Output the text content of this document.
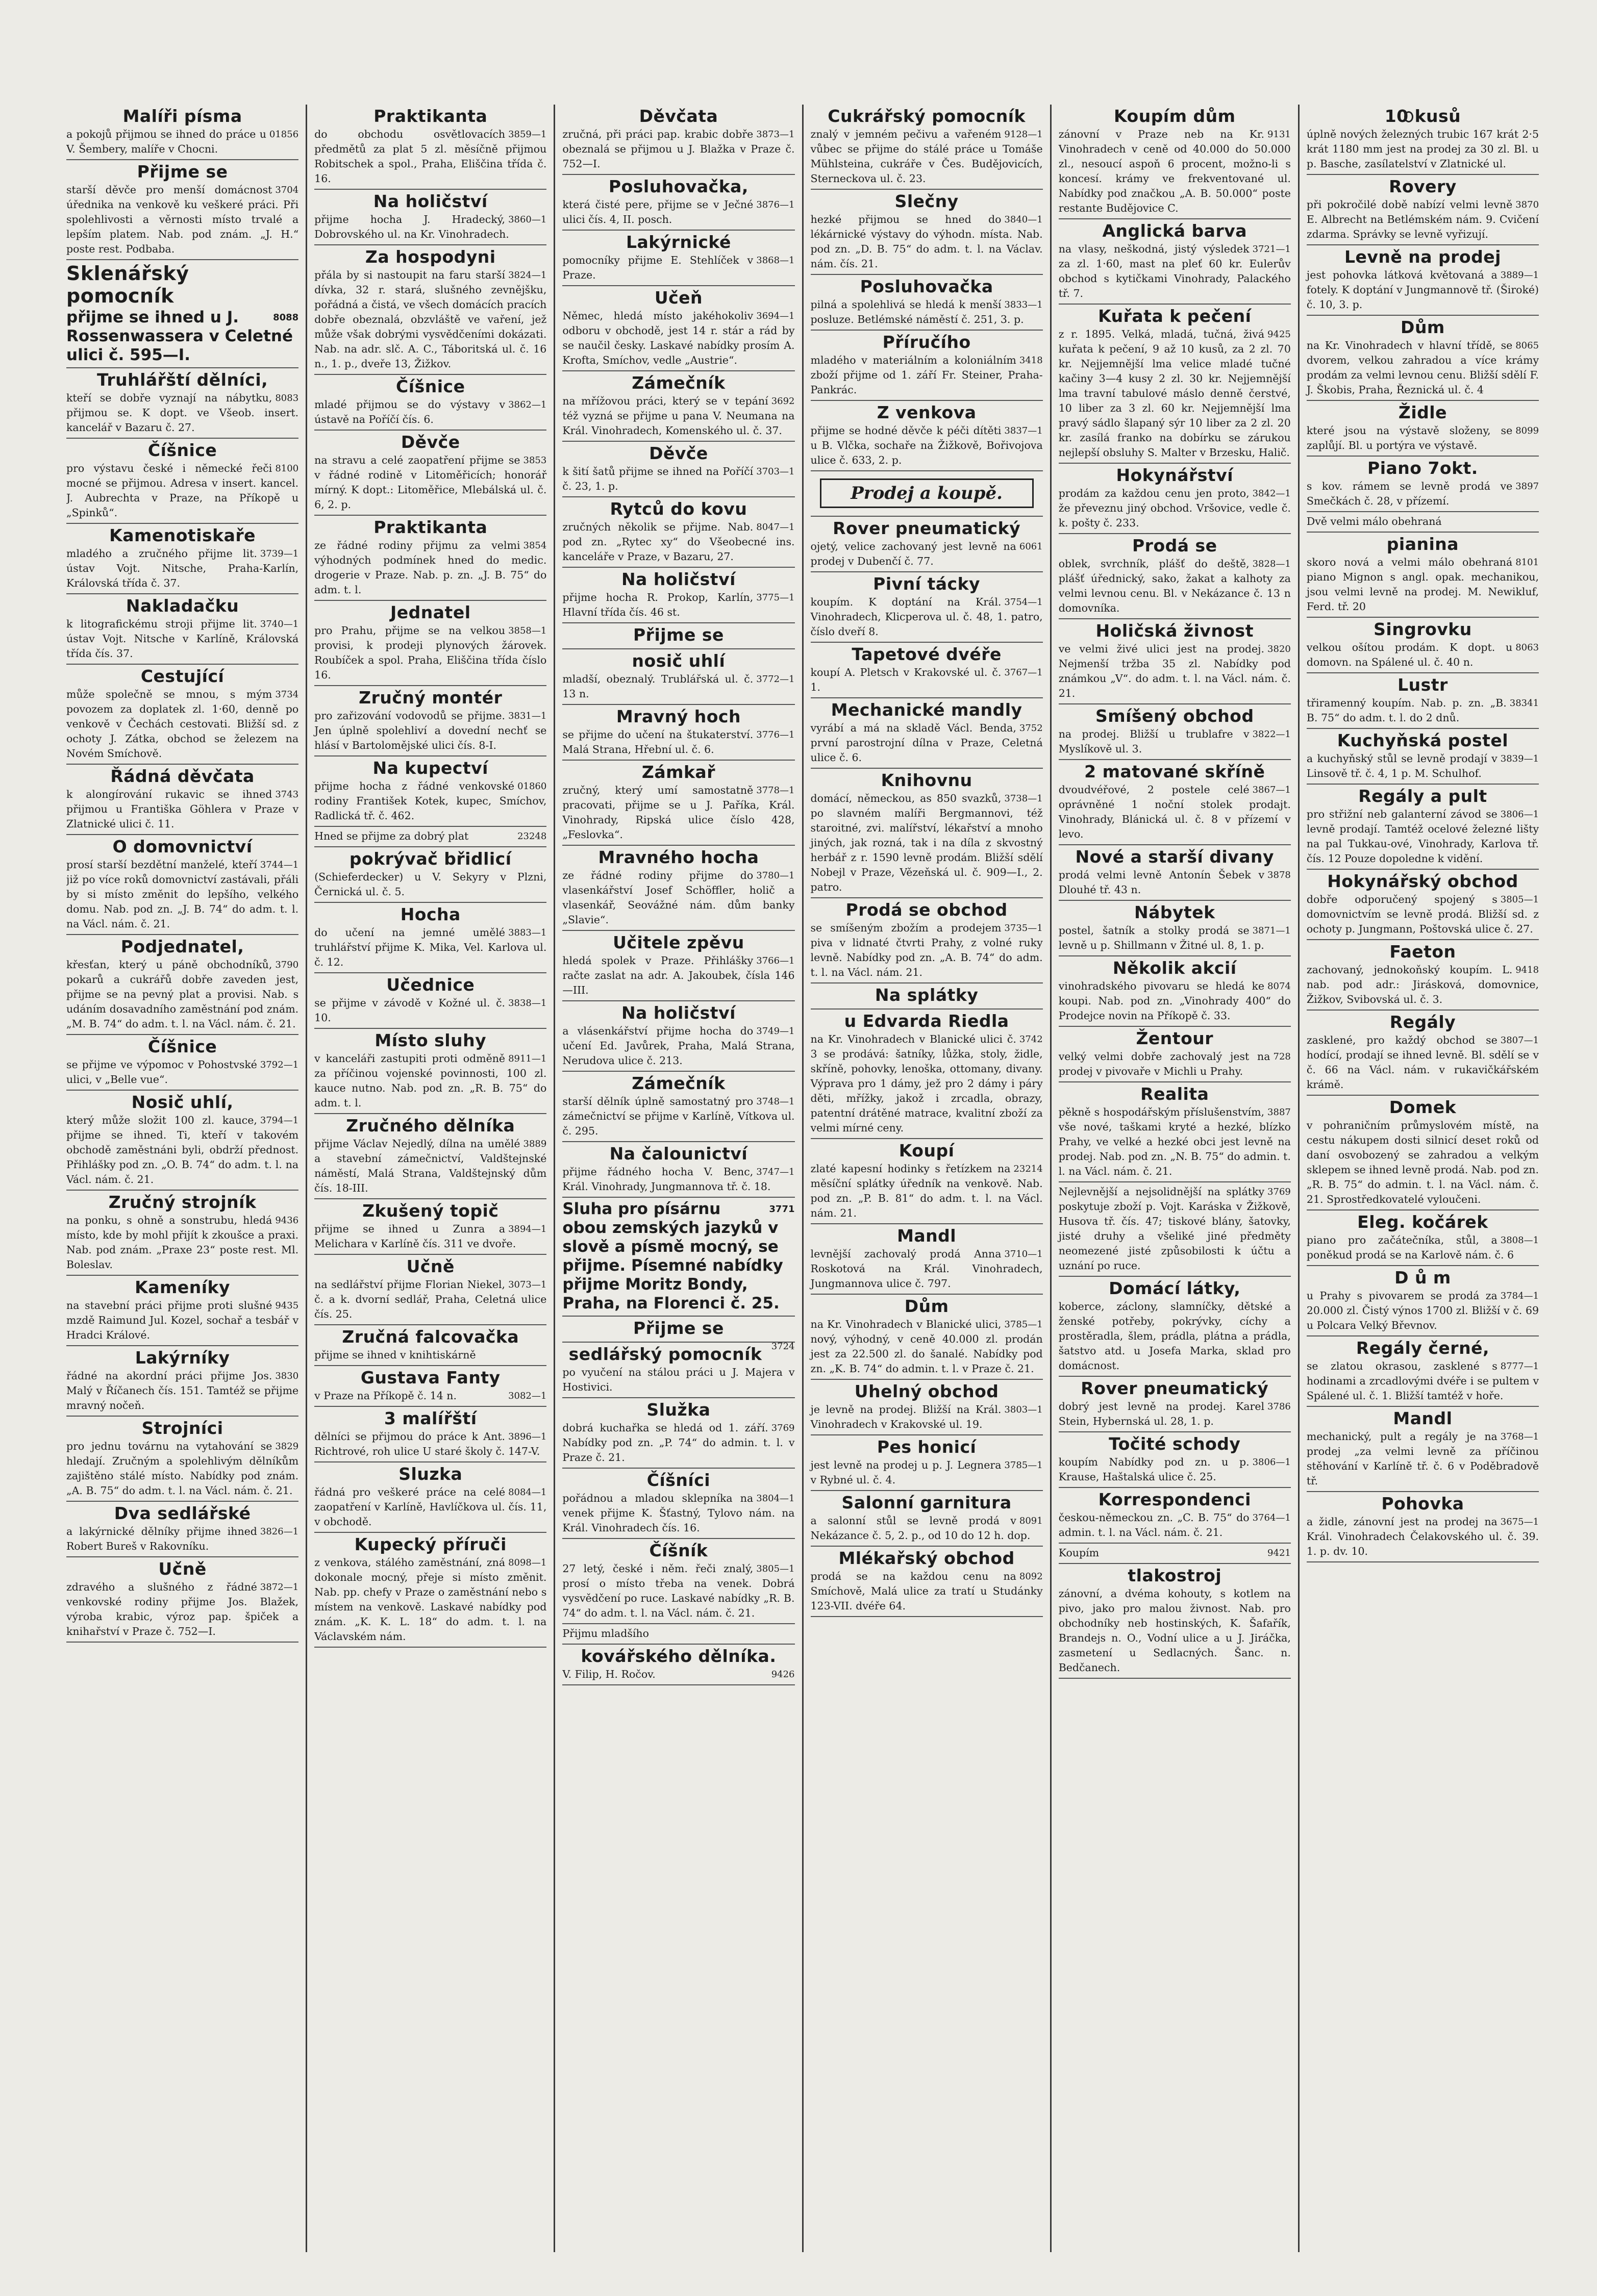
Malíři písma

01856
a pokojů přijmou se ihned do práce u V. Šembery, malíře v Chocni.

Přijme se

3704
starší děvče pro menší domácnost úřednika na venkově ku veškeré práci. Při spolehlivosti a věrnosti místo trvalé a lepším platem. Nab. pod znám. „J. H.“ poste rest. Podbaba.

Sklenářský pomocník

8088
přijme se ihned u J. Rossenwassera v Celetné ulici č. 595—I.

Truhlářští dělníci,

8083
kteří se dobře vyznají na nábytku, přijmou se. K dopt. ve Všeob. insert. kancelář v Bazaru č. 27.

Číšnice

8100
pro výstavu české i německé řeči mocné se přijmou. Adresa v insert. kancel. J. Aubrechta v Praze, na Příkopě u „Spinků“.

Kamenotiskaře

3739—1
mladého a zručného přijme lit. ústav Vojt. Nitsche, Praha-Karlín, Královská třída č. 37.

Nakladačku

3740—1
k litografickému stroji přijme lit. ústav Vojt. Nitsche v Karlíně, Královská třída čís. 37.

Cestující

3734
může společně se mnou, s mým povozem za doplatek zl. 1·60, denně po venkově v Čechách cestovati. Bližší sd. z ochoty J. Zátka, obchod se železem na Novém Smíchově.

Řádná děvčata

3743
k alongírování rukavic se ihned přijmou u Františka Göhlera v Praze v Zlatnické ulici č. 11.

O domovnictví

3744—1
prosí starší bezdětní manželé, kteří již po více roků domovnictví zastávali, přáli by si místo změnit do lepšího, velkého domu. Nab. pod zn. „J. B. 74“ do adm. t. l. na Václ. nám. č. 21.

Podjednatel,

3790
křesťan, který u páně obchodníků, pokarů a cukrářů dobře zaveden jest, přijme se na pevný plat a provisi. Nab. s udáním dosavadního zaměstnání pod znám. „M. B. 74“ do adm. t. l. na Václ. nám. č. 21.

Číšnice

3792—1
se přijme ve výpomoc v Pohostvské ulici, v „Belle vue“.

Nosič uhlí,

3794—1
který může složit 100 zl. kauce, přijme se ihned. Ti, kteří v takovém obchodě zaměstnáni byli, obdrží přednost. Přihlášky pod zn. „O. B. 74“ do adm. t. l. na Václ. nám. č. 21.

Zručný strojník

9436
na ponku, s ohně a sonstrubu, hledá místo, kde by mohl přijít k zkoušce a praxi. Nab. pod znám. „Praxe 23“ poste rest. Ml. Boleslav.

Kameníky

9435
na stavební práci přijme proti slušné mzdě Raimund Jul. Kozel, sochař a tesbář v Hradci Králové.

Lakýrníky

3830
řádné na akordní práci přijme Jos. Malý v Říčanech čís. 151. Tamtéž se přijme mravný nočeň.

Strojníci

3829
pro jednu továrnu na vytahování se hledají. Zručným a spolehlivým dělníkům zajištěno stálé místo. Nabídky pod znám. „A. B. 75“ do adm. t. l. na Václ. nám. č. 21.

Dva sedlářské

3826—1
a lakýrnické dělníky přijme ihned Robert Bureš v Rakovníku.

Učně

3872—1
zdravého a slušného z řádné venkovské rodiny přijme Jos. Blažek, výroba krabic, výroz pap. špiček a knihařství v Praze č. 752—I.

Praktikanta

3859—1
do obchodu osvětlovacích předmětů za plat 5 zl. měsíčně přijmou Robitschek a spol., Praha, Eliščina třída č. 16.

Na holičství

3860—1
přijme hocha J. Hradecký, Dobrovského ul. na Kr. Vinohradech.

Za hospodyni

3824—1
přála by si nastoupit na faru starší dívka, 32 r. stará, slušného zevnějšku, pořádná a čistá, ve všech domácích pracích dobře obeznalá, obzvláště ve vaření, jež může však dobrými vysvědčeními dokázati. Nab. na adr. slč. A. C., Táboritská ul. č. 16 n., 1. p., dveře 13, Žižkov.

Číšnice

3862—1
mladé přijmou se do výstavy v ústavě na Poříčí čís. 6.

Děvče

3853
na stravu a celé zaopatření přijme se v řádné rodině v Litoměřicích; honorář mírný. K dopt.: Litoměřice, Mlebálská ul. č. 6, 2. p.

Praktikanta

3854
ze řádné rodiny přijmu za velmi výhodných podmínek hned do medic. drogerie v Praze. Nab. p. zn. „J. B. 75“ do adm. t. l.

Jednatel

3858—1
pro Prahu, přijme se na velkou provisi, k prodeji plynových žárovek. Roubíček a spol. Praha, Eliščina třída číslo 16.

Zručný montér

3831—1
pro zařizování vodovodů se přijme. Jen úplně spolehliví a dovední nechť se hlásí v Bartolomějské ulici čís. 8-I.

Na kupectví

01860
přijme hocha z řádné venkovské rodiny František Kotek, kupec, Smíchov, Radlická tř. č. 462.

23248
Hned se přijme za dobrý plat

pokrývač břidlicí

(Schieferdecker) u V. Sekyry v Plzni, Černická ul. č. 5.

Hocha

3883—1
do učení na jemné umělé truhlářství přijme K. Mika, Vel. Karlova ul. č. 12.

Učednice

3838—1
se přijme v závodě v Kožné ul. č. 10.

Místo sluhy

8911—1
v kanceláři zastupiti proti odměně za příčinou vojenské povinnosti, 100 zl. kauce nutno. Nab. pod zn. „R. B. 75“ do adm. t. l.

Zručného dělníka

3889
přijme Václav Nejedlý, dílna na umělé a stavební zámečnictví, Valdštejnské náměstí, Malá Strana, Valdštejnský dům čís. 18-III.

Zkušený topič

3894—1
přijme se ihned u Zunra a Melichara v Karlíně čís. 311 ve dvoře.

Učně

3073—1
na sedlářství přijme Florian Niekel, č. a k. dvorní sedlář, Praha, Celetná ulice čís. 25.

Zručná falcovačka

přijme se ihned v knihtiskárně

Gustava Fanty

3082—1
v Praze na Příkopě č. 14 n.

3 malířští

3896—1
dělníci se přijmou do práce k Ant. Richtrové, roh ulice U staré školy č. 147-V.

Sluzka

8084—1
řádná pro veškeré práce na celé zaopatření v Karlíně, Havlíčkova ul. čís. 11, v obchodě.

Kupecký příruči

8098—1
z venkova, stálého zaměstnání, zná dokonale mocný, přeje si místo změnit. Nab. pp. chefy v Praze o zaměstnání nebo s místem na venkově. Laskavé nabídky pod znám. „K. K. L. 18“ do adm. t. l. na Václavském nám.

Děvčata

3873—1
zručná, při práci pap. krabic dobře obeznalá se přijmou u J. Blažka v Praze č. 752—I.

Posluhovačka,

3876—1
která čisté pere, přijme se v Ječné ulici čís. 4, II. posch.

Lakýrnické

3868—1
pomocníky přijme E. Stehlíček v Praze.

Učeň

3694—1
Němec, hledá místo jakéhokoliv odboru v obchodě, jest 14 r. stár a rád by se naučil česky. Laskavé nabídky prosím A. Krofta, Smíchov, vedle „Austrie“.

Zámečník

3692
na mřížovou práci, který se v tepání též vyzná se přijme u pana V. Neumana na Král. Vinohradech, Komenského ul. č. 37.

Děvče

3703—1
k šití šatů přijme se ihned na Poříčí č. 23, 1. p.

Rytců do kovu

8047—1
zručných několik se přijme. Nab. pod zn. „Rytec xy“ do Všeobecné ins. kanceláře v Praze, v Bazaru, 27.

Na holičství

3775—1
přijme hocha R. Prokop, Karlín, Hlavní třída čís. 46 st.

Přijme se
nosič uhlí

3772—1
mladší, obeznalý. Trublářská ul. č. 13 n.

Mravný hoch

3776—1
se přijme do učení na štukaterství. Malá Strana, Hřební ul. č. 6.

Zámkař

3778—1
zručný, který umí samostatně pracovati, přijme se u J. Paříka, Král. Vinohrady, Ripská ulice číslo 428, „Feslovka“.

Mravného hocha

3780—1
ze řádné rodiny přijme do vlasenkářství Josef Schöffler, holič a vlasenkář, Seovážné nám. dům banky „Slavie“.

Učitele zpěvu

3766—1
hledá spolek v Praze. Přihlášky račte zaslat na adr. A. Jakoubek, čísla 146—III.

Na holičství

3749—1
a vlásenkářství přijme hocha do učení Ed. Javůrek, Praha, Malá Strana, Nerudova ulice č. 213.

Zámečník

3748—1
starší dělník úplně samostatný pro zámečnictví se přijme v Karlíně, Vítkova ul. č. 295.

Na čalounictví

3747—1
přijme řádného hocha V. Benc, Král. Vinohrady, Jungmannova tř. č. 18.

3771
Sluha pro písárnu obou zemských jazyků v slově a písmě mocný, se přijme. Písemné nabídky přijme Moritz Bondy, Praha, na Florenci č. 25.

Přijme se

3724

sedlářský pomocník

po vyučení na stálou práci u J. Majera v Hostivici.

Služka

3769
dobrá kuchařka se hledá od 1. září. Nabídky pod zn. „P. 74“ do admin. t. l. v Praze č. 21.

Číšníci

3804—1
pořádnou a mladou sklepníka na venek přijme K. Šťastný, Tylovo nám. na Král. Vinohradech čís. 16.

Číšník

3805—1
27 letý, české i něm. řeči znalý, prosí o místo třeba na venek. Dobrá vysvědčení po ruce. Laskavé nabídky „R. B. 74“ do adm. t. l. na Václ. nám. č. 21.

Přijmu mladšího

kovářského dělníka.

9426
V. Filip, H. Ročov.

Cukrářský pomocník

9128—1
znalý v jemném pečivu a vařeném vůbec se přijme do stálé práce u Tomáše Mühlsteina, cukráře v Čes. Budějovicích, Sterneckova ul. č. 23.

Slečny

3840—1
hezké přijmou se hned do lékárnické výstavy do výhodn. místa. Nab. pod zn. „D. B. 75“ do adm. t. l. na Václav. nám. čís. 21.

Posluhovačka

3833—1
pilná a spolehlivá se hledá k menší posluze. Betlémské náměstí č. 251, 3. p.

Příručího

3418
mladého v materiálním a koloniálním zboží přijme od 1. září Fr. Steiner, Praha-Pankrác.

Z venkova

3837—1
přijme se hodné děvče k péči dítěti u B. Vlčka, sochaře na Žižkově, Bořivojova ulice č. 633, 2. p.

Prodej a koupě.
Rover pneumatický

6061
ojetý, velice zachovaný jest levně na prodej v Dubenčí č. 77.

Pivní tácky

3754—1
koupím. K doptání na Král. Vinohradech, Klicperova ul. č. 48, 1. patro, číslo dveří 8.

Tapetové dvéře

3767—1
koupí A. Pletsch v Krakovské ul. č. 1.

Mechanické mandly

3752
vyrábí a má na skladě Václ. Benda, první parostrojní dílna v Praze, Celetná ulice č. 6.

Knihovnu

3738—1
domácí, německou, as 850 svazků, po slavném malíři Bergmannovi, též staroitné, zvi. malířství, lékařství a mnoho jiných, jak rozná, tak i na díla z skvostný herbář z r. 1590 levně prodám. Bližší sdělí Nobejl v Praze, Vězeňská ul. č. 909—I., 2. patro.

Prodá se obchod

3735—1
se smíšeným zbožím a prodejem piva v lidnaté čtvrti Prahy, z volné ruky levně. Nabídky pod zn. „A. B. 74“ do adm. t. l. na Václ. nám. 21.

Na splátky
u Edvarda Riedla

3742
na Kr. Vinohradech v Blanické ulici č. 3 se prodává: šatníky, lůžka, stoly, židle, skříně, pohovky, lenoška, ottomany, divany. Výprava pro 1 dámy, jež pro 2 dámy i páry děti, mřížky, jakož i zrcadla, obrazy, patentní drátěné matrace, kvalitní zboží za velmi mírné ceny.

Koupí

23214
zlaté kapesní hodinky s řetízkem na měsíční splátky úředník na venkově. Nab. pod zn. „P. B. 81“ do adm. t. l. na Václ. nám. 21.

Mandl

3710—1
levnější zachovalý prodá Anna Roskotová na Král. Vinohradech, Jungmannova ulice č. 797.

Dům

3785—1
na Kr. Vinohradech v Blanické ulici, nový, výhodný, v ceně 40.000 zl. prodán jest za 22.500 zl. do šanalé. Nabídky pod zn. „K. B. 74“ do admin. t. l. v Praze č. 21.

Uhelný obchod

3803—1
je levně na prodej. Bližší na Král. Vinohradech v Krakovské ul. 19.

Pes honicí

3785—1
jest levně na prodej u p. J. Legnera v Rybné ul. č. 4.

Salonní garnitura

8091
a salonní stůl se levně prodá v Nekázance č. 5, 2. p., od 10 do 12 h. dop.

Mlékařský obchod

8092
prodá se na každou cenu na Smíchově, Malá ulice za tratí u Studánky 123-VII. dvéře 64.

Koupím dům

9131
zánovní v Praze neb na Kr. Vinohradech v ceně od 40.000 do 50.000 zl., nesoucí aspoň 6 procent, možno-li s koncesí. krámy ve frekventované ul. Nabídky pod značkou „A. B. 50.000“ poste restante Budějovice C.

Anglická barva

3721—1
na vlasy, neškodná, jistý výsledek za zl. 1·60, mast na pleť 60 kr. Eulerův obchod s kytičkami Vinohrady, Palackého tř. 7.

Kuřata k pečení

9425
z r. 1895. Velká, mladá, tučná, živá kuřata k pečení, 9 až 10 kusů, za 2 zl. 70 kr. Nejjemnější lma velice mladé tučné kačiny 3—4 kusy 2 zl. 30 kr. Nejjemnější lma travní tabulové máslo denně čerstvé, 10 liber za 3 zl. 60 kr. Nejjemnější lma pravý sádlo šlapaný sýr 10 liber za 2 zl. 20 kr. zasílá franko na dobírku se zárukou nejlepší obsluhy S. Malter v Brzesku, Halič.

Hokynářství

3842—1
prodám za každou cenu jen proto, že převeznu jiný obchod. Vršovice, vedle č. k. pošty č. 233.

Prodá se

3828—1
oblek, svrchník, plášť do deště, plášť úřednický, sako, žakat a kalhoty za velmi levnou cenu. Bl. v Nekázance č. 13 n domovníka.

Holičská živnost

3820
ve velmi živé ulici jest na prodej. Nejmenší tržba 35 zl. Nabídky pod známkou „V“. do adm. t. l. na Václ. nám. č. 21.

Smíšený obchod

3822—1
na prodej. Bližší u trublafre v Myslíkově ul. 3.

2 matované skříně

3867—1
dvoudvéřové, 2 postele celé oprávněné 1 noční stolek prodajt. Vinohrady, Blánická ul. č. 8 v přízemí v levo.

Nové a starší divany

3878
prodá velmi levně Antonín Šebek v Dlouhé tř. 43 n.

Nábytek

3871—1
postel, šatník a stolky prodá se levně u p. Shillmann v Žitné ul. 8, 1. p.

Několik akcií

8074
vinohradského pivovaru se hledá ke koupi. Nab. pod zn. „Vinohrady 400“ do Prodejce novin na Příkopě č. 33.

Žentour

728
velký velmi dobře zachovalý jest na prodej v pivovaře v Michli u Prahy.

Realita

3887
pěkně s hospodářským příslušenstvím, vše nové, taškami kryté a hezké, blízko Prahy, ve velké a hezké obci jest levně na prodej. Nab. pod zn. „N. B. 75“ do admin. t. l. na Václ. nám. č. 21.

3769
Nejlevnější a nejsolidnější na splátky poskytuje zboží p. Vojt. Karáska v Žižkově, Husova tř. čís. 47; tiskové blány, šatovky, jisté druhy a všeliké jiné předměty neomezené jisté způsobilosti k účtu a uznání po ruce.

Domácí látky,

koberce, záclony, slamníčky, dětské a ženské potřeby, pokrývky, cíchy a prostěradla, šlem, prádla, plátna a prádla, šatstvo atd. u Josefa Marka, sklad pro domácnost.

Rover pneumatický

3786
dobrý jest levně na prodej. Karel Stein, Hybernská ul. 28, 1. p.

Točité schody

3806—1
koupím Nabídky pod zn. u p. Krause, Haštalská ulice č. 25.

Korrespondenci

3764—1
českou-německou zn. „C. B. 75“ do admin. t. l. na Václ. nám. č. 21.

9421
Koupím

tlakostroj

zánovní, a dvéma kohouty, s kotlem na pivo, jako pro malou živnost. Nab. pro obchodníky neb hostinských, K. Šafařík, Brandejs n. O., Vodní ulice a u J. Jiráčka, zasmetení u Sedlacných. Šanc. n. Bedčanech.

10 kusů

úplně nových železných trubic 167 krát 2·5 krát 1180 mm jest na prodej za 30 zl. Bl. u p. Basche, zasílatelství v Zlatnické ul.

Rovery

3870
při pokročilé době nabízí velmi levně E. Albrecht na Betlémském nám. 9. Cvičení zdarma. Správky se levně vyřizují.

Levně na prodej

3889—1
jest pohovka látková květovaná a fotely. K doptání v Jungmannově tř. (Široké) č. 10, 3. p.

Dům

8065
na Kr. Vinohradech v hlavní třídě, se dvorem, velkou zahradou a více krámy prodám za velmi levnou cenu. Bližší sdělí F. J. Škobis, Praha, Řeznická ul. č. 4

Židle

8099
které jsou na výstavě složeny, se zaplůjí. Bl. u portýra ve výstavě.

Piano 7okt.

3897
s kov. rámem se levně prodá ve Smečkách č. 28, v přízemí.

Dvě velmi málo obehraná

pianina

8101
skoro nová a velmi málo obehraná piano Mignon s angl. opak. mechanikou, jsou velmi levně na prodej. M. Newikluf, Ferd. tř. 20

Singrovku

8063
velkou ošítou prodám. K dopt. u domovn. na Spálené ul. č. 40 n.

Lustr

38341
třiramenný koupím. Nab. p. zn. „B. B. 75“ do adm. t. l. do 2 dnů.

Kuchyňská postel

3839—1
a kuchyňský stůl se levně prodají v Linsově tř. č. 4, 1 p. M. Schulhof.

Regály a pult

3806—1
pro střižní neb galanterní závod se levně prodají. Tamtéž ocelové železné lišty na pal Tukkau-ové, Vinohrady, Karlova tř. čís. 12 Pouze dopoledne k vidění.

Hokynářský obchod

3805—1
dobře odporučený spojený s domovnictvím se levně prodá. Bližší sd. z ochoty p. Jungmann, Poštovská ulice č. 27.

Faeton

9418
zachovaný, jednokoňský koupím. L. nab. pod adr.: Jirásková, domovnice, Žižkov, Svibovská ul. č. 3.

Regály

3807—1
zasklené, pro každý obchod se hodící, prodají se ihned levně. Bl. sdělí se v č. 66 na Václ. nám. v rukavičkářském krámě.

Domek

v pohraničním průmyslovém místě, na cestu nákupem dosti silnicí deset roků od daní osvobozený se zahradou a velkým sklepem se ihned levně prodá. Nab. pod zn. „R. B. 75“ do admin. t. l. na Václ. nám. č. 21. Sprostředkovatelé vyloučeni.

Eleg. kočárek

3808—1
piano pro začátečníka, stůl, a poněkud prodá se na Karlově nám. č. 6

D ů m

3784—1
u Prahy s pivovarem se prodá za 20.000 zl. Čistý výnos 1700 zl. Bližší v č. 69 u Polcara Velký Břevnov.

Regály černé,

8777—1
se zlatou okrasou, zasklené s hodinami a zrcadlovými dvéře i se pultem v Spálené ul. č. 1. Bližší tamtéž v hoře.

Mandl

3768—1
mechanický, pult a regály je na prodej „za velmi levně za příčinou stěhování v Karlíně tř. č. 6 v Poděbradově tř.

Pohovka

3675—1
a židle, zánovní jest na prodej na Král. Vinohradech Čelakovského ul. č. 39. 1. p. dv. 10.
